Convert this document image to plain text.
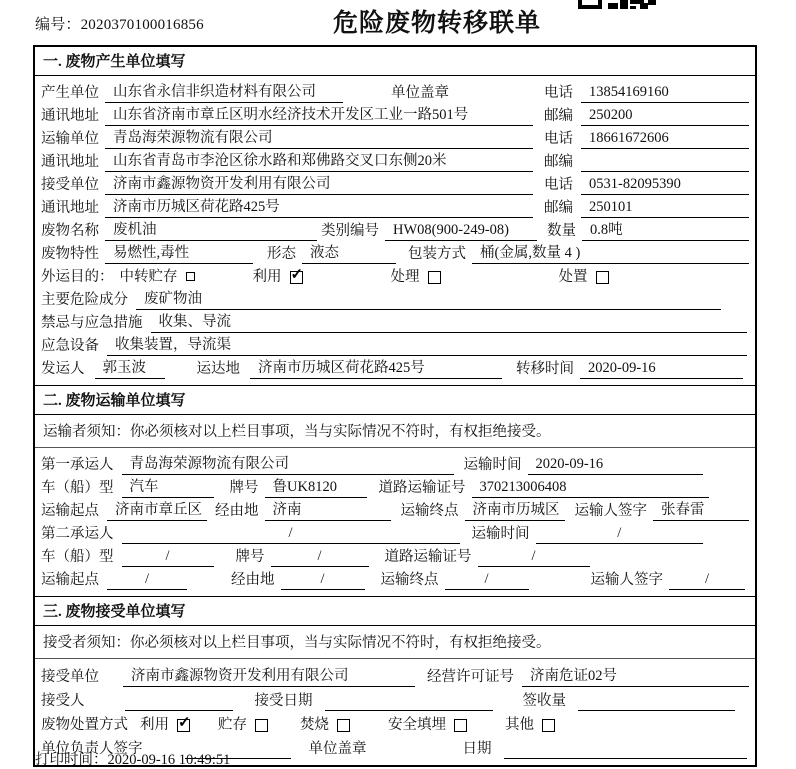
编号：2020370100016856	危险废物转移联单
一. 废物产生单位填写
产生单位 山东省永信非织造材料有限公司	单位盖章	电话	13854169160
通讯地址 山东省济南市章丘区明水经济技术开发区工业一路501号	邮编	250200
运输单位 青岛海荣源物流有限公司	电话	18661672606
通讯地址 山东省青岛市李沧区徐水路和郑佛路交叉口东侧20米	邮编
接受单位 济南市鑫源物资开发利用有限公司	电话	0531-82095390
通讯地址 济南市历城区荷花路425号	邮编	250101
废物名称 废机油	类别编号 HW08(900-249-08)	数量 0.8吨
废物特性 易燃性,毒性	形态 液态	包装方式 桶(金属,数量 4 )
外运目的： 中转贮存	利用 ✓	处理	处置
主要危险成分	废矿物油
禁忌与应急措施	收集、导流
应急设备	收集装置，导流渠
发运人	郭玉波	运达地	济南市历城区荷花路425号	转移时间 2020-09-16
二. 废物运输单位填写
运输者须知：你必须核对以上栏目事项，当与实际情况不符时，有权拒绝接受。
第一承运人	青岛海荣源物流有限公司	运输时间 2020-09-16
车（船）型	汽车	牌号 鲁UK8120	道路运输证号 370213006408
运输起点	济南市章丘区 经由地 济南	运输终点 济南市历城区	运输人签字 张春雷
第二承运人	/	运输时间	/
车（船）型	/	牌号	/	道路运输证号	/
运输起点	/	经由地	/	运输终点	/	运输人签字	/
三. 废物接受单位填写
接受者须知：你必须核对以上栏目事项，当与实际情况不符时，有权拒绝接受。
接受单位	济南市鑫源物资开发利用有限公司	经营许可证号	济南危证02号
接受人	接受日期	签收量
废物处置方式 利用 ✓	贮存	焚烧	安全填埋	其他
单位负责人签字	单位盖章	日期
打印时间：2020-09-16 10:49:51
